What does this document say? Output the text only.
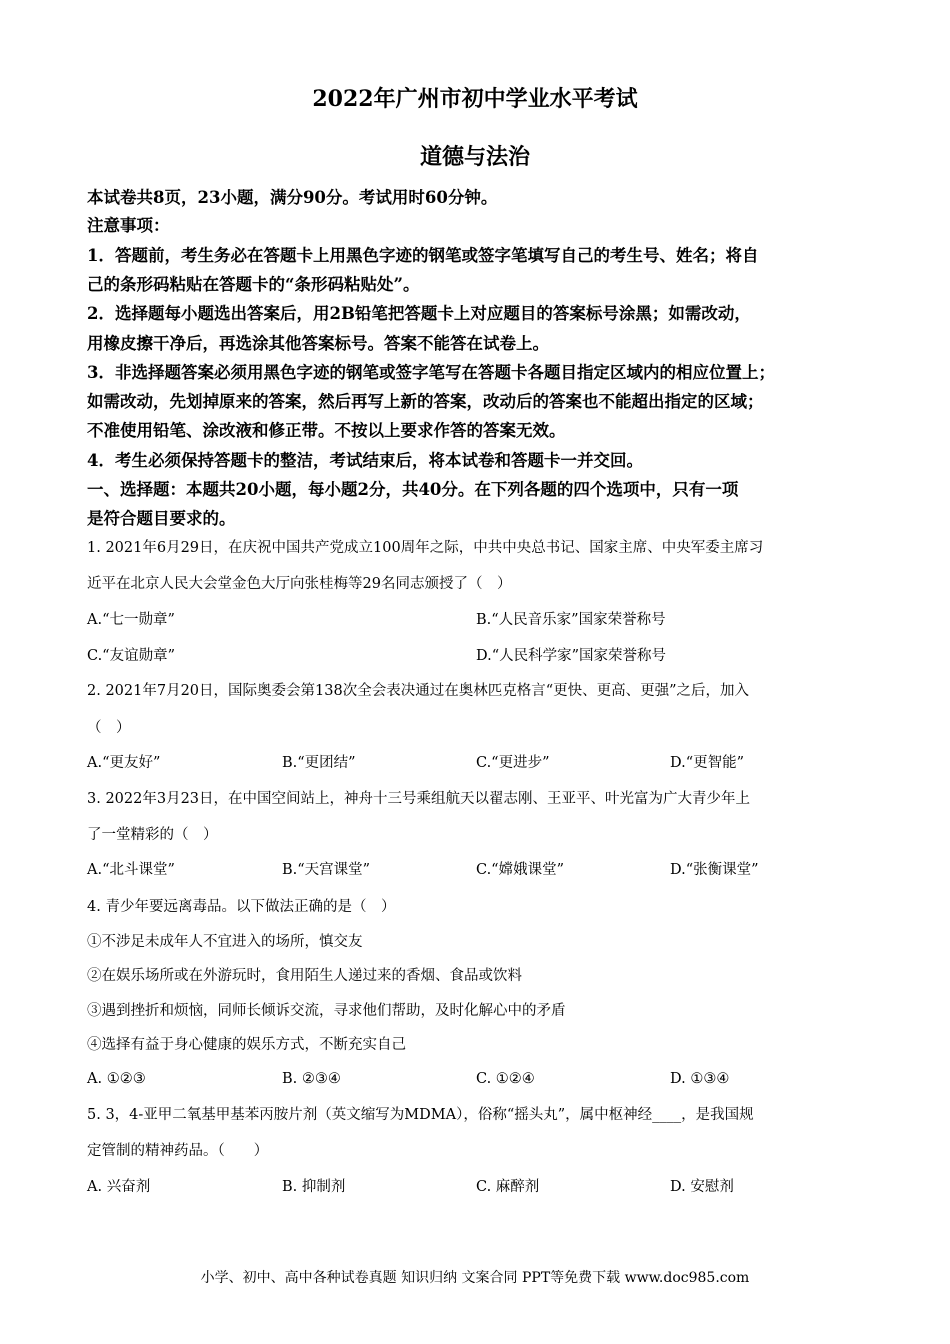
2022年广州市初中学业水平考试
道德与法治
本试卷共8页，23小题，满分90分。考试用时60分钟。
注意事项：
1．答题前，考生务必在答题卡上用黑色字迹的钢笔或签字笔填写自己的考生号、姓名；将自
己的条形码粘贴在答题卡的“条形码粘贴处”。
2．选择题每小题选出答案后，用2B铅笔把答题卡上对应题目的答案标号涂黑；如需改动，
用橡皮擦干净后，再选涂其他答案标号。答案不能答在试卷上。
3．非选择题答案必须用黑色字迹的钢笔或签字笔写在答题卡各题目指定区域内的相应位置上；
如需改动，先划掉原来的答案，然后再写上新的答案，改动后的答案也不能超出指定的区域；
不准使用铅笔、涂改液和修正带。不按以上要求作答的答案无效。
4．考生必须保持答题卡的整洁，考试结束后，将本试卷和答题卡一并交回。
一、选择题：本题共20小题，每小题2分，共40分。在下列各题的四个选项中，只有一项
是符合题目要求的。
1. 2021年6月29日，在庆祝中国共产党成立100周年之际，中共中央总书记、国家主席、中央军委主席习
近平在北京人民大会堂金色大厅向张桂梅等29名同志颁授了（　）
A.“七一勋章”	B.“人民音乐家”国家荣誉称号
C.“友谊勋章”	D.“人民科学家”国家荣誉称号
2. 2021年7月20日，国际奥委会第138次全会表决通过在奥林匹克格言“更快、更高、更强”之后，加入
（　）
A.“更友好”	B.“更团结”	C.“更进步”	D.“更智能”
3. 2022年3月23日，在中国空间站上，神舟十三号乘组航天以翟志刚、王亚平、叶光富为广大青少年上
了一堂精彩的（　）
A.“北斗课堂”	B.“天宫课堂”	C.“嫦娥课堂”	D.“张衡课堂”
4. 青少年要远离毒品。以下做法正确的是（　）
①不涉足未成年人不宜进入的场所，慎交友
②在娱乐场所或在外游玩时，食用陌生人递过来的香烟、食品或饮料
③遇到挫折和烦恼，同师长倾诉交流，寻求他们帮助，及时化解心中的矛盾
④选择有益于身心健康的娱乐方式，不断充实自己
A. ①②③	B. ②③④	C. ①②④	D. ①③④
5. 3，4-亚甲二氧基甲基苯丙胺片剂（英文缩写为MDMA），俗称“摇头丸”，属中枢神经____，是我国规
定管制的精神药品。（　　）
A. 兴奋剂	B. 抑制剂	C. 麻醉剂	D. 安慰剂
小学、初中、高中各种试卷真题 知识归纳 文案合同 PPT等免费下载 www.doc985.com
